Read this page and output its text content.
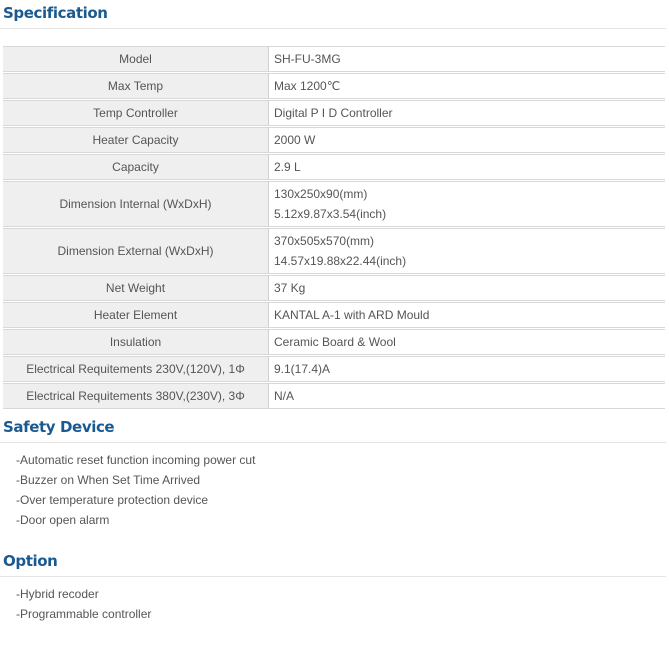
Specification
Model	SH-FU-3MG

Max Temp	Max 1200℃

Temp Controller	Digital P I D Controller

Heater Capacity	2000 W

Capacity	2.9 L

Dimension Internal (WxDxH)	130x250x90(mm)
5.12x9.87x3.54(inch)

Dimension External (WxDxH)	370x505x570(mm)
14.57x19.88x22.44(inch)

Net Weight	37 Kg

Heater Element	KANTAL A-1 with ARD Mould

Insulation	Ceramic Board & Wool

Electrical Requitements 230V,(120V), 1Φ	9.1(17.4)A

Electrical Requitements 380V,(230V), 3Φ	N/A
Safety Device
-Automatic reset function incoming power cut
-Buzzer on When Set Time Arrived
-Over temperature protection device
-Door open alarm
Option
-Hybrid recoder
-Programmable controller
